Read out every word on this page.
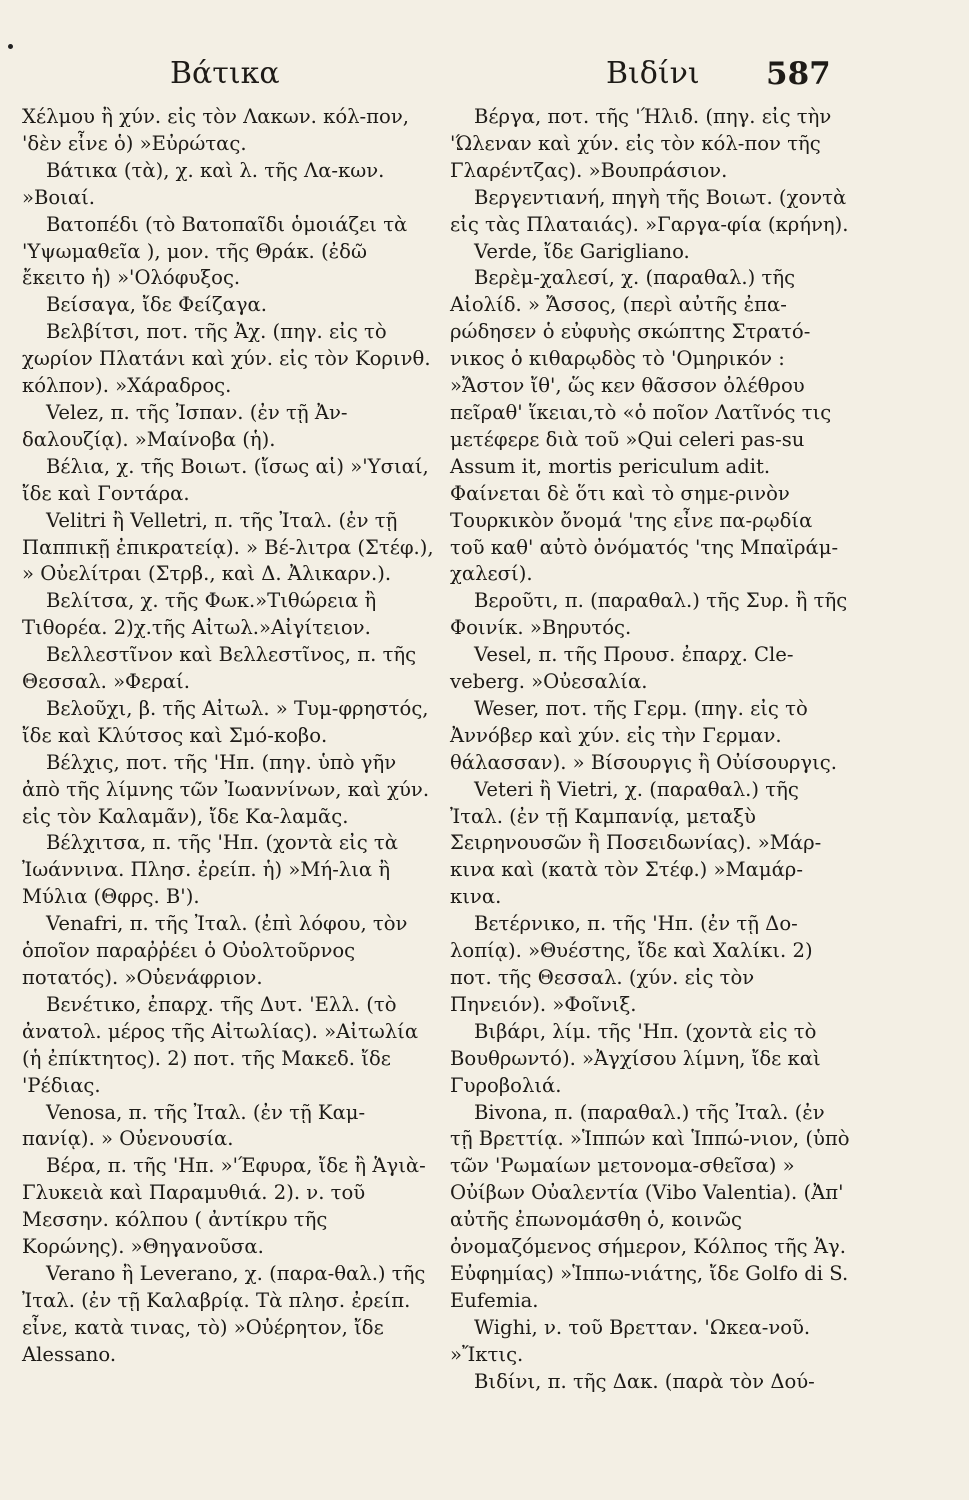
Βάτικα	Βιδίνι 587

Χέλμου ἢ χύν. εἰς τὸν Λακων. κόλ-πον, 'δὲν εἶνε ὁ) »Εὐρώτας.

Βάτικα (τὰ), χ. καὶ λ. τῆς Λα-κων. »Βοιαί.

Βατοπέδι (τὸ Βατοπαῖδι ὁμοιάζει τὰ 'Υψωμαθεῖα ), μον. τῆς Θράκ. (ἐδῶ ἔκειτο ἡ) »'Ολόφυξος.

Βείσαγα, ἴδε Φείζαγα.

Βελβίτσι, ποτ. τῆς Ἀχ. (πηγ. εἰς τὸ χωρίον Πλατάνι καὶ χύν. εἰς τὸν Κορινθ. κόλπον). »Χάραδρος.

Velez, π. τῆς Ἰσπαν. (ἐν τῇ Ἀν-δαλουζίᾳ). »Μαίνοβα (ἡ).

Βέλια, χ. τῆς Βοιωτ. (ἴσως αἱ) »'Υσιαί, ἴδε καὶ Γοντάρα.

Velitri ἢ Velletri, π. τῆς Ἰταλ. (ἐν τῇ Παππικῇ ἐπικρατείᾳ). » Βέ-λιτρα (Στέφ.), » Οὐελίτραι (Στρβ., καὶ Δ. Ἀλικαρν.).

Βελίτσα, χ. τῆς Φωκ.»Τιθώρεια ἢ Τιθορέα. 2)χ.τῆς Αἰτωλ.»Αἰγίτειον.

Βελλεστῖνον καὶ Βελλεστῖνος, π. τῆς Θεσσαλ. »Φεραί.

Βελοῦχι, β. τῆς Αἰτωλ. » Τυμ-φρηστός, ἴδε καὶ Κλύτσος καὶ Σμό-κοβο.

Βέλχις, ποτ. τῆς 'Ηπ. (πηγ. ὑπὸ γῆν ἀπὸ τῆς λίμνης τῶν Ἰωαννίνων, καὶ χύν. εἰς τὸν Καλαμᾶν), ἴδε Κα-λαμᾶς.

Βέλχιτσα, π. τῆς 'Ηπ. (χοντὰ εἰς τὰ Ἰωάννινα. Πλησ. ἐρείπ. ἡ) »Μή-λια ἢ Μύλια (Θφρς. Β').

Venafri, π. τῆς Ἰταλ. (ἐπὶ λόφου, τὸν ὁποῖον παραῤῥέει ὁ Οὐολτοῦρνος ποτατός). »Οὐενάφριον.

Βενέτικο, ἐπαρχ. τῆς Δυτ. 'Ελλ. (τὸ ἀνατολ. μέρος τῆς Αἰτωλίας). »Αἰτωλία (ἡ ἐπίκτητος). 2) ποτ. τῆς Μακεδ. ἴδε 'Ρέδιας.

Venosa, π. τῆς Ἰταλ. (ἐν τῇ Καμ-πανίᾳ). » Οὐενουσία.

Βέρα, π. τῆς 'Ηπ. »'Έφυρα, ἴδε ἢ Ἁγιὰ-Γλυκειὰ καὶ Παραμυθιά. 2). ν. τοῦ Μεσσην. κόλπου ( ἀντίκρυ τῆς Κορώνης). »Θηγανοῦσα.

Verano ἢ Leverano, χ. (παρα-θαλ.) τῆς Ἰταλ. (ἐν τῇ Καλαβρίᾳ. Τὰ πλησ. ἐρείπ. εἶνε, κατὰ τινας, τὸ) »Οὐέρητον, ἴδε Alessano.

Βέργα, ποτ. τῆς 'Ήλιδ. (πηγ. εἰς τὴν 'Ώλεναν καὶ χύν. εἰς τὸν κόλ-πον τῆς Γλαρέντζας). »Βουπράσιον.

Βεργεντιανή, πηγὴ τῆς Βοιωτ. (χοντὰ εἰς τὰς Πλαταιάς). »Γαργα-φία (κρήνη).

Verde, ἴδε Garigliano.

Βερὲμ-χαλεσί, χ. (παραθαλ.) τῆς Αἰολίδ. » Ἄσσος, (περὶ αὐτῆς ἐπα-ρώδησεν ὁ εὐφυὴς σκώπτης Στρατό-νικος ὁ κιθαρῳδὸς τὸ 'Ομηρικόν : »Ἄστον ἴθ', ὥς κεν θᾶσσον ὀλέθρου πεῖραθ' ἵκειαι,τὸ «ὁ ποῖον Λατῖνός τις μετέφερε διὰ τοῦ »Qui celeri pas-su Assum it, mortis periculum adit. Φαίνεται δὲ ὅτι καὶ τὸ σημε-ρινὸν Τουρκικὸν ὄνομά 'της εἶνε πα-ρῳδία τοῦ καθ' αὐτὸ ὀνόματός 'της Μπαϊράμ-χαλεσί).

Βεροῦτι, π. (παραθαλ.) τῆς Συρ. ἢ τῆς Φοινίκ. »Βηρυτός.

Vesel, π. τῆς Προυσ. ἐπαρχ. Cle-veberg. »Οὐεσαλία.

Weser, ποτ. τῆς Γερμ. (πηγ. εἰς τὸ Ἀννόβερ καὶ χύν. εἰς τὴν Γερμαν. θάλασσαν). » Βίσουργις ἢ Οὐίσουργις.

Veteri ἢ Vietri, χ. (παραθαλ.) τῆς Ἰταλ. (ἐν τῇ Καμπανίᾳ, μεταξὺ Σειρηνουσῶν ἢ Ποσειδωνίας). »Μάρ-κινα καὶ (κατὰ τὸν Στέφ.) »Μαμάρ-κινα.

Βετέρνικο, π. τῆς 'Ηπ. (ἐν τῇ Δο-λοπίᾳ). »Θυέστης, ἴδε καὶ Χαλίκι. 2) ποτ. τῆς Θεσσαλ. (χύν. εἰς τὸν Πηνειόν). »Φοῖνιξ.

Βιβάρι, λίμ. τῆς 'Ηπ. (χοντὰ εἰς τὸ Βουθρωντό). »Ἀγχίσου λίμνη, ἴδε καὶ Γυροβολιά.

Bivona, π. (παραθαλ.) τῆς Ἰταλ. (ἐν τῇ Βρεττίᾳ. »Ἱππών καὶ Ἱππώ-νιον, (ὑπὸ τῶν 'Ρωμαίων μετονομα-σθεῖσα) » Οὐίβων Οὐαλεντία (Vibo Valentia). (Ἀπ' αὐτῆς ἐπωνομάσθη ὁ, κοινῶς ὀνομαζόμενος σήμερον, Κόλπος τῆς Ἁγ. Εὐφημίας) »Ἱππω-νιάτης, ἴδε Golfo di S. Eufemia.

Wighi, ν. τοῦ Βρετταν. 'Ωκεα-νοῦ. »Ἴκτις.

Βιδίνι, π. τῆς Δακ. (παρὰ τὸν Δού-
